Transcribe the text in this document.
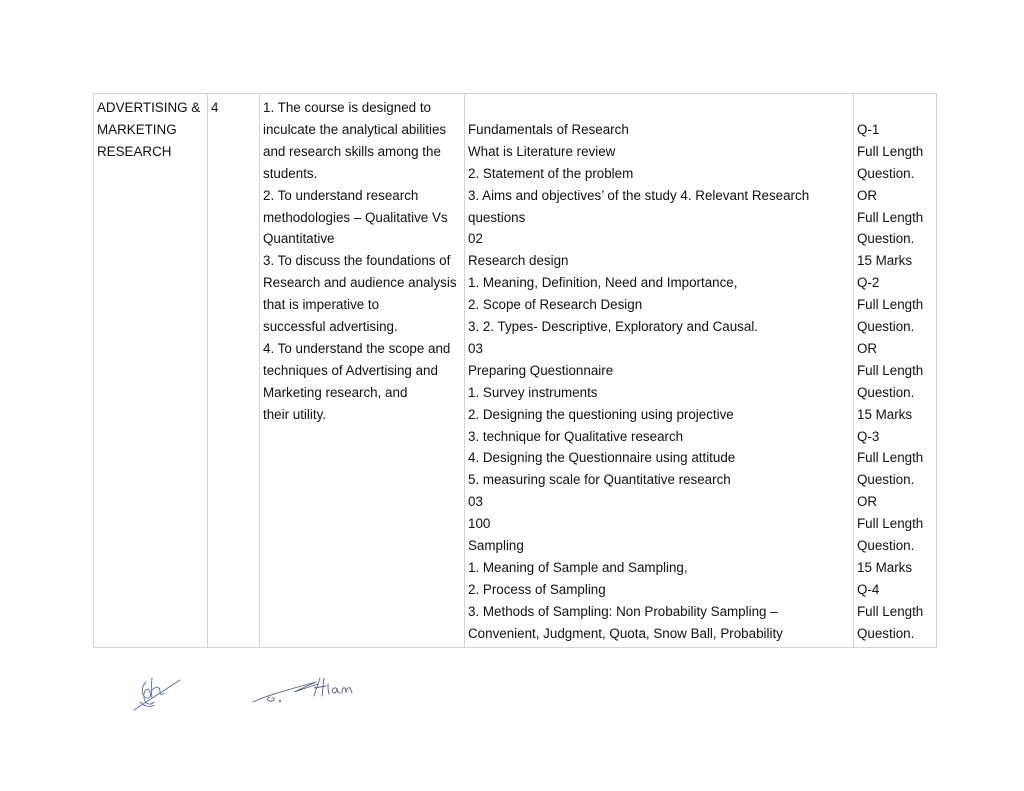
ADVERTISING &
MARKETING
RESEARCH

4	1. The course is designed to
inculcate the analytical abilities
and research skills among the
students.
2. To understand research
methodologies – Qualitative Vs
Quantitative
3. To discuss the foundations of
Research and audience analysis
that is imperative to
successful advertising.
4. To understand the scope and
techniques of Advertising and
Marketing research, and
their utility.

Fundamentals of Research
What is Literature review
2. Statement of the problem
3. Aims and objectives’ of the study 4. Relevant Research
questions
02
Research design
1. Meaning, Definition, Need and Importance,
2. Scope of Research Design
3. 2. Types- Descriptive, Exploratory and Causal.
03
Preparing Questionnaire
1. Survey instruments
2. Designing the questioning using projective
3. technique for Qualitative research
4. Designing the Questionnaire using attitude
5. measuring scale for Quantitative research
03
100
Sampling
1. Meaning of Sample and Sampling,
2. Process of Sampling
3. Methods of Sampling: Non Probability Sampling –
Convenient, Judgment, Quota, Snow Ball, Probability

Q-1
Full Length
Question.
OR
Full Length
Question.
15 Marks
Q-2
Full Length
Question.
OR
Full Length
Question.
15 Marks
Q-3
Full Length
Question.
OR
Full Length
Question.
15 Marks
Q-4
Full Length
Question.
